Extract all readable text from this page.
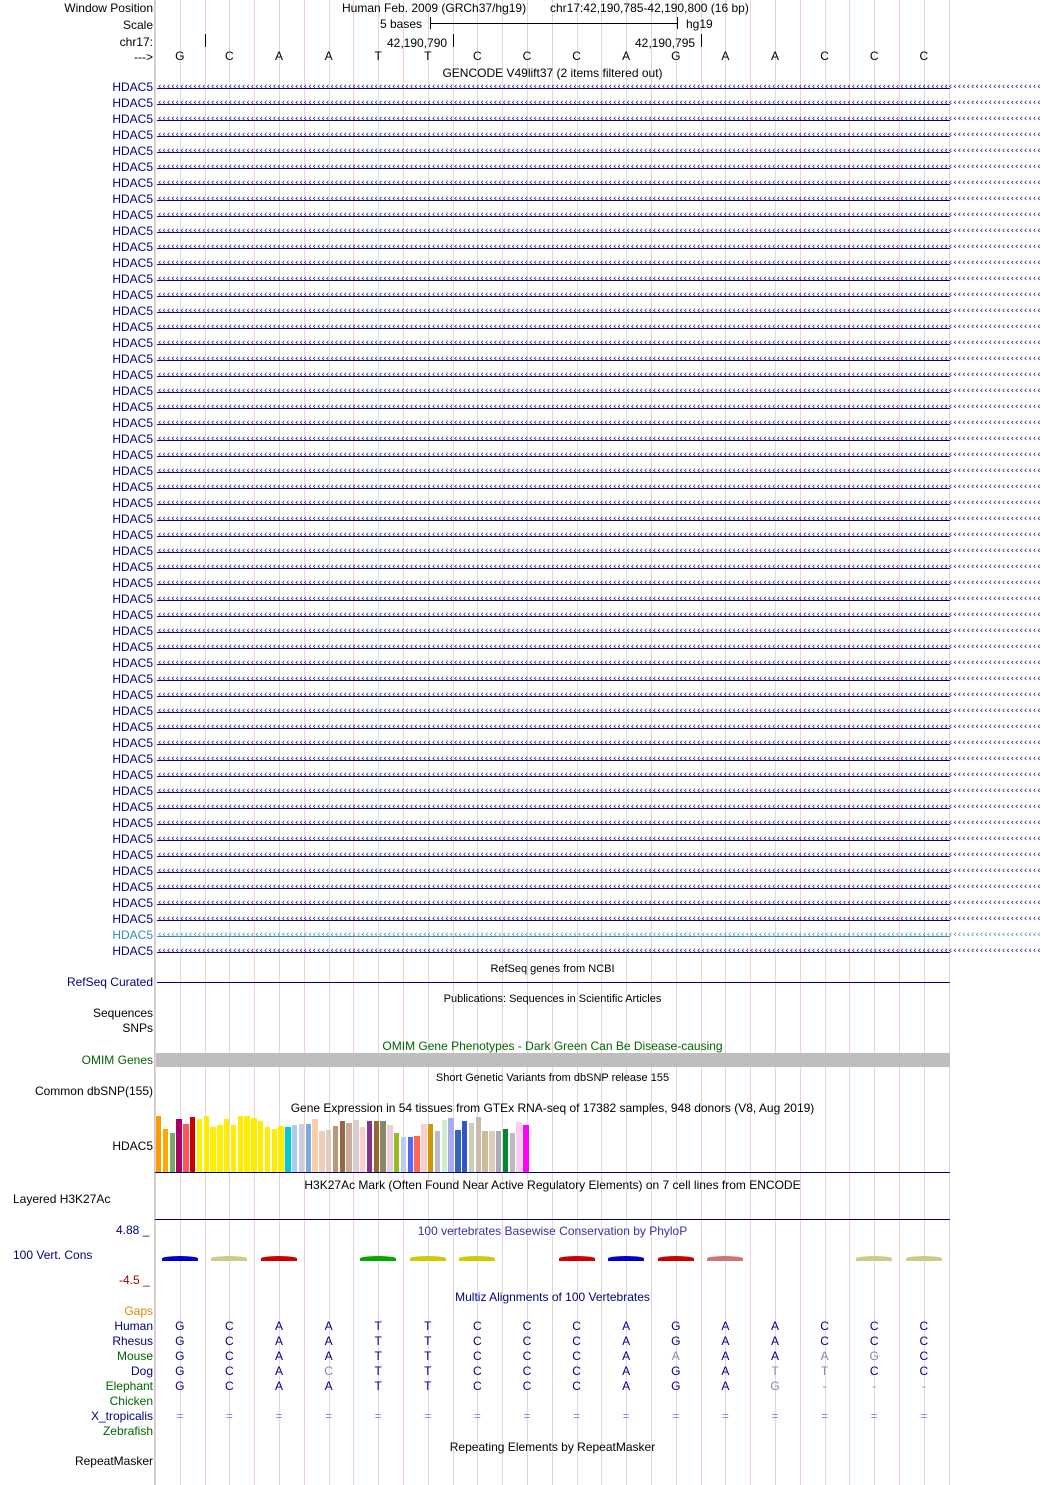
Window Position	Human Feb. 2009 (GRCh37/hg19) chr17:42,190,785-42,190,800 (16 bp)
Scale	5 bases	hg19
chr17:	42,190,790	42,190,795
---> G	C	A	A	T	T	C	C	C	A	G	A	A	C	C	C
GENCODE V49lift37 (2 items filtered out)
HDAC5 ‹‹‹‹‹‹‹‹‹‹‹‹‹‹‹‹‹‹‹‹‹‹‹‹‹‹‹‹‹‹‹‹‹‹‹‹‹‹‹‹‹‹‹‹‹‹‹‹‹‹‹‹‹‹‹‹‹‹‹‹‹‹‹‹‹‹‹‹‹‹‹‹‹‹‹‹‹‹‹‹‹‹‹‹‹‹‹‹‹‹‹‹‹‹‹‹‹‹‹‹‹‹‹‹‹‹‹‹‹‹‹‹‹‹‹‹‹‹‹‹‹‹‹‹‹‹‹‹‹‹‹‹‹‹‹‹‹‹‹‹‹‹‹‹‹‹‹‹‹‹‹‹‹‹‹‹‹‹‹‹‹‹‹‹‹‹‹‹‹‹‹‹‹‹‹‹‹‹‹‹‹‹‹‹‹‹‹‹‹‹‹‹‹‹‹‹‹‹‹‹
HDAC5 ‹‹‹‹‹‹‹‹‹‹‹‹‹‹‹‹‹‹‹‹‹‹‹‹‹‹‹‹‹‹‹‹‹‹‹‹‹‹‹‹‹‹‹‹‹‹‹‹‹‹‹‹‹‹‹‹‹‹‹‹‹‹‹‹‹‹‹‹‹‹‹‹‹‹‹‹‹‹‹‹‹‹‹‹‹‹‹‹‹‹‹‹‹‹‹‹‹‹‹‹‹‹‹‹‹‹‹‹‹‹‹‹‹‹‹‹‹‹‹‹‹‹‹‹‹‹‹‹‹‹‹‹‹‹‹‹‹‹‹‹‹‹‹‹‹‹‹‹‹‹‹‹‹‹‹‹‹‹‹‹‹‹‹‹‹‹‹‹‹‹‹‹‹‹‹‹‹‹‹‹‹‹‹‹‹‹‹‹‹‹‹‹‹‹‹‹‹‹‹‹
HDAC5 ‹‹‹‹‹‹‹‹‹‹‹‹‹‹‹‹‹‹‹‹‹‹‹‹‹‹‹‹‹‹‹‹‹‹‹‹‹‹‹‹‹‹‹‹‹‹‹‹‹‹‹‹‹‹‹‹‹‹‹‹‹‹‹‹‹‹‹‹‹‹‹‹‹‹‹‹‹‹‹‹‹‹‹‹‹‹‹‹‹‹‹‹‹‹‹‹‹‹‹‹‹‹‹‹‹‹‹‹‹‹‹‹‹‹‹‹‹‹‹‹‹‹‹‹‹‹‹‹‹‹‹‹‹‹‹‹‹‹‹‹‹‹‹‹‹‹‹‹‹‹‹‹‹‹‹‹‹‹‹‹‹‹‹‹‹‹‹‹‹‹‹‹‹‹‹‹‹‹‹‹‹‹‹‹‹‹‹‹‹‹‹‹‹‹‹‹‹‹‹‹
HDAC5 ‹‹‹‹‹‹‹‹‹‹‹‹‹‹‹‹‹‹‹‹‹‹‹‹‹‹‹‹‹‹‹‹‹‹‹‹‹‹‹‹‹‹‹‹‹‹‹‹‹‹‹‹‹‹‹‹‹‹‹‹‹‹‹‹‹‹‹‹‹‹‹‹‹‹‹‹‹‹‹‹‹‹‹‹‹‹‹‹‹‹‹‹‹‹‹‹‹‹‹‹‹‹‹‹‹‹‹‹‹‹‹‹‹‹‹‹‹‹‹‹‹‹‹‹‹‹‹‹‹‹‹‹‹‹‹‹‹‹‹‹‹‹‹‹‹‹‹‹‹‹‹‹‹‹‹‹‹‹‹‹‹‹‹‹‹‹‹‹‹‹‹‹‹‹‹‹‹‹‹‹‹‹‹‹‹‹‹‹‹‹‹‹‹‹‹‹‹‹‹‹
HDAC5 ‹‹‹‹‹‹‹‹‹‹‹‹‹‹‹‹‹‹‹‹‹‹‹‹‹‹‹‹‹‹‹‹‹‹‹‹‹‹‹‹‹‹‹‹‹‹‹‹‹‹‹‹‹‹‹‹‹‹‹‹‹‹‹‹‹‹‹‹‹‹‹‹‹‹‹‹‹‹‹‹‹‹‹‹‹‹‹‹‹‹‹‹‹‹‹‹‹‹‹‹‹‹‹‹‹‹‹‹‹‹‹‹‹‹‹‹‹‹‹‹‹‹‹‹‹‹‹‹‹‹‹‹‹‹‹‹‹‹‹‹‹‹‹‹‹‹‹‹‹‹‹‹‹‹‹‹‹‹‹‹‹‹‹‹‹‹‹‹‹‹‹‹‹‹‹‹‹‹‹‹‹‹‹‹‹‹‹‹‹‹‹‹‹‹‹‹‹‹‹‹
HDAC5 ‹‹‹‹‹‹‹‹‹‹‹‹‹‹‹‹‹‹‹‹‹‹‹‹‹‹‹‹‹‹‹‹‹‹‹‹‹‹‹‹‹‹‹‹‹‹‹‹‹‹‹‹‹‹‹‹‹‹‹‹‹‹‹‹‹‹‹‹‹‹‹‹‹‹‹‹‹‹‹‹‹‹‹‹‹‹‹‹‹‹‹‹‹‹‹‹‹‹‹‹‹‹‹‹‹‹‹‹‹‹‹‹‹‹‹‹‹‹‹‹‹‹‹‹‹‹‹‹‹‹‹‹‹‹‹‹‹‹‹‹‹‹‹‹‹‹‹‹‹‹‹‹‹‹‹‹‹‹‹‹‹‹‹‹‹‹‹‹‹‹‹‹‹‹‹‹‹‹‹‹‹‹‹‹‹‹‹‹‹‹‹‹‹‹‹‹‹‹‹‹
HDAC5 ‹‹‹‹‹‹‹‹‹‹‹‹‹‹‹‹‹‹‹‹‹‹‹‹‹‹‹‹‹‹‹‹‹‹‹‹‹‹‹‹‹‹‹‹‹‹‹‹‹‹‹‹‹‹‹‹‹‹‹‹‹‹‹‹‹‹‹‹‹‹‹‹‹‹‹‹‹‹‹‹‹‹‹‹‹‹‹‹‹‹‹‹‹‹‹‹‹‹‹‹‹‹‹‹‹‹‹‹‹‹‹‹‹‹‹‹‹‹‹‹‹‹‹‹‹‹‹‹‹‹‹‹‹‹‹‹‹‹‹‹‹‹‹‹‹‹‹‹‹‹‹‹‹‹‹‹‹‹‹‹‹‹‹‹‹‹‹‹‹‹‹‹‹‹‹‹‹‹‹‹‹‹‹‹‹‹‹‹‹‹‹‹‹‹‹‹‹‹‹‹
HDAC5 ‹‹‹‹‹‹‹‹‹‹‹‹‹‹‹‹‹‹‹‹‹‹‹‹‹‹‹‹‹‹‹‹‹‹‹‹‹‹‹‹‹‹‹‹‹‹‹‹‹‹‹‹‹‹‹‹‹‹‹‹‹‹‹‹‹‹‹‹‹‹‹‹‹‹‹‹‹‹‹‹‹‹‹‹‹‹‹‹‹‹‹‹‹‹‹‹‹‹‹‹‹‹‹‹‹‹‹‹‹‹‹‹‹‹‹‹‹‹‹‹‹‹‹‹‹‹‹‹‹‹‹‹‹‹‹‹‹‹‹‹‹‹‹‹‹‹‹‹‹‹‹‹‹‹‹‹‹‹‹‹‹‹‹‹‹‹‹‹‹‹‹‹‹‹‹‹‹‹‹‹‹‹‹‹‹‹‹‹‹‹‹‹‹‹‹‹‹‹‹‹
HDAC5 ‹‹‹‹‹‹‹‹‹‹‹‹‹‹‹‹‹‹‹‹‹‹‹‹‹‹‹‹‹‹‹‹‹‹‹‹‹‹‹‹‹‹‹‹‹‹‹‹‹‹‹‹‹‹‹‹‹‹‹‹‹‹‹‹‹‹‹‹‹‹‹‹‹‹‹‹‹‹‹‹‹‹‹‹‹‹‹‹‹‹‹‹‹‹‹‹‹‹‹‹‹‹‹‹‹‹‹‹‹‹‹‹‹‹‹‹‹‹‹‹‹‹‹‹‹‹‹‹‹‹‹‹‹‹‹‹‹‹‹‹‹‹‹‹‹‹‹‹‹‹‹‹‹‹‹‹‹‹‹‹‹‹‹‹‹‹‹‹‹‹‹‹‹‹‹‹‹‹‹‹‹‹‹‹‹‹‹‹‹‹‹‹‹‹‹‹‹‹‹‹
HDAC5 ‹‹‹‹‹‹‹‹‹‹‹‹‹‹‹‹‹‹‹‹‹‹‹‹‹‹‹‹‹‹‹‹‹‹‹‹‹‹‹‹‹‹‹‹‹‹‹‹‹‹‹‹‹‹‹‹‹‹‹‹‹‹‹‹‹‹‹‹‹‹‹‹‹‹‹‹‹‹‹‹‹‹‹‹‹‹‹‹‹‹‹‹‹‹‹‹‹‹‹‹‹‹‹‹‹‹‹‹‹‹‹‹‹‹‹‹‹‹‹‹‹‹‹‹‹‹‹‹‹‹‹‹‹‹‹‹‹‹‹‹‹‹‹‹‹‹‹‹‹‹‹‹‹‹‹‹‹‹‹‹‹‹‹‹‹‹‹‹‹‹‹‹‹‹‹‹‹‹‹‹‹‹‹‹‹‹‹‹‹‹‹‹‹‹‹‹‹‹‹‹
HDAC5 ‹‹‹‹‹‹‹‹‹‹‹‹‹‹‹‹‹‹‹‹‹‹‹‹‹‹‹‹‹‹‹‹‹‹‹‹‹‹‹‹‹‹‹‹‹‹‹‹‹‹‹‹‹‹‹‹‹‹‹‹‹‹‹‹‹‹‹‹‹‹‹‹‹‹‹‹‹‹‹‹‹‹‹‹‹‹‹‹‹‹‹‹‹‹‹‹‹‹‹‹‹‹‹‹‹‹‹‹‹‹‹‹‹‹‹‹‹‹‹‹‹‹‹‹‹‹‹‹‹‹‹‹‹‹‹‹‹‹‹‹‹‹‹‹‹‹‹‹‹‹‹‹‹‹‹‹‹‹‹‹‹‹‹‹‹‹‹‹‹‹‹‹‹‹‹‹‹‹‹‹‹‹‹‹‹‹‹‹‹‹‹‹‹‹‹‹‹‹‹‹
HDAC5 ‹‹‹‹‹‹‹‹‹‹‹‹‹‹‹‹‹‹‹‹‹‹‹‹‹‹‹‹‹‹‹‹‹‹‹‹‹‹‹‹‹‹‹‹‹‹‹‹‹‹‹‹‹‹‹‹‹‹‹‹‹‹‹‹‹‹‹‹‹‹‹‹‹‹‹‹‹‹‹‹‹‹‹‹‹‹‹‹‹‹‹‹‹‹‹‹‹‹‹‹‹‹‹‹‹‹‹‹‹‹‹‹‹‹‹‹‹‹‹‹‹‹‹‹‹‹‹‹‹‹‹‹‹‹‹‹‹‹‹‹‹‹‹‹‹‹‹‹‹‹‹‹‹‹‹‹‹‹‹‹‹‹‹‹‹‹‹‹‹‹‹‹‹‹‹‹‹‹‹‹‹‹‹‹‹‹‹‹‹‹‹‹‹‹‹‹‹‹‹‹
HDAC5 ‹‹‹‹‹‹‹‹‹‹‹‹‹‹‹‹‹‹‹‹‹‹‹‹‹‹‹‹‹‹‹‹‹‹‹‹‹‹‹‹‹‹‹‹‹‹‹‹‹‹‹‹‹‹‹‹‹‹‹‹‹‹‹‹‹‹‹‹‹‹‹‹‹‹‹‹‹‹‹‹‹‹‹‹‹‹‹‹‹‹‹‹‹‹‹‹‹‹‹‹‹‹‹‹‹‹‹‹‹‹‹‹‹‹‹‹‹‹‹‹‹‹‹‹‹‹‹‹‹‹‹‹‹‹‹‹‹‹‹‹‹‹‹‹‹‹‹‹‹‹‹‹‹‹‹‹‹‹‹‹‹‹‹‹‹‹‹‹‹‹‹‹‹‹‹‹‹‹‹‹‹‹‹‹‹‹‹‹‹‹‹‹‹‹‹‹‹‹‹‹
HDAC5 ‹‹‹‹‹‹‹‹‹‹‹‹‹‹‹‹‹‹‹‹‹‹‹‹‹‹‹‹‹‹‹‹‹‹‹‹‹‹‹‹‹‹‹‹‹‹‹‹‹‹‹‹‹‹‹‹‹‹‹‹‹‹‹‹‹‹‹‹‹‹‹‹‹‹‹‹‹‹‹‹‹‹‹‹‹‹‹‹‹‹‹‹‹‹‹‹‹‹‹‹‹‹‹‹‹‹‹‹‹‹‹‹‹‹‹‹‹‹‹‹‹‹‹‹‹‹‹‹‹‹‹‹‹‹‹‹‹‹‹‹‹‹‹‹‹‹‹‹‹‹‹‹‹‹‹‹‹‹‹‹‹‹‹‹‹‹‹‹‹‹‹‹‹‹‹‹‹‹‹‹‹‹‹‹‹‹‹‹‹‹‹‹‹‹‹‹‹‹‹‹
HDAC5 ‹‹‹‹‹‹‹‹‹‹‹‹‹‹‹‹‹‹‹‹‹‹‹‹‹‹‹‹‹‹‹‹‹‹‹‹‹‹‹‹‹‹‹‹‹‹‹‹‹‹‹‹‹‹‹‹‹‹‹‹‹‹‹‹‹‹‹‹‹‹‹‹‹‹‹‹‹‹‹‹‹‹‹‹‹‹‹‹‹‹‹‹‹‹‹‹‹‹‹‹‹‹‹‹‹‹‹‹‹‹‹‹‹‹‹‹‹‹‹‹‹‹‹‹‹‹‹‹‹‹‹‹‹‹‹‹‹‹‹‹‹‹‹‹‹‹‹‹‹‹‹‹‹‹‹‹‹‹‹‹‹‹‹‹‹‹‹‹‹‹‹‹‹‹‹‹‹‹‹‹‹‹‹‹‹‹‹‹‹‹‹‹‹‹‹‹‹‹‹‹
HDAC5 ‹‹‹‹‹‹‹‹‹‹‹‹‹‹‹‹‹‹‹‹‹‹‹‹‹‹‹‹‹‹‹‹‹‹‹‹‹‹‹‹‹‹‹‹‹‹‹‹‹‹‹‹‹‹‹‹‹‹‹‹‹‹‹‹‹‹‹‹‹‹‹‹‹‹‹‹‹‹‹‹‹‹‹‹‹‹‹‹‹‹‹‹‹‹‹‹‹‹‹‹‹‹‹‹‹‹‹‹‹‹‹‹‹‹‹‹‹‹‹‹‹‹‹‹‹‹‹‹‹‹‹‹‹‹‹‹‹‹‹‹‹‹‹‹‹‹‹‹‹‹‹‹‹‹‹‹‹‹‹‹‹‹‹‹‹‹‹‹‹‹‹‹‹‹‹‹‹‹‹‹‹‹‹‹‹‹‹‹‹‹‹‹‹‹‹‹‹‹‹‹
HDAC5 ‹‹‹‹‹‹‹‹‹‹‹‹‹‹‹‹‹‹‹‹‹‹‹‹‹‹‹‹‹‹‹‹‹‹‹‹‹‹‹‹‹‹‹‹‹‹‹‹‹‹‹‹‹‹‹‹‹‹‹‹‹‹‹‹‹‹‹‹‹‹‹‹‹‹‹‹‹‹‹‹‹‹‹‹‹‹‹‹‹‹‹‹‹‹‹‹‹‹‹‹‹‹‹‹‹‹‹‹‹‹‹‹‹‹‹‹‹‹‹‹‹‹‹‹‹‹‹‹‹‹‹‹‹‹‹‹‹‹‹‹‹‹‹‹‹‹‹‹‹‹‹‹‹‹‹‹‹‹‹‹‹‹‹‹‹‹‹‹‹‹‹‹‹‹‹‹‹‹‹‹‹‹‹‹‹‹‹‹‹‹‹‹‹‹‹‹‹‹‹‹
HDAC5 ‹‹‹‹‹‹‹‹‹‹‹‹‹‹‹‹‹‹‹‹‹‹‹‹‹‹‹‹‹‹‹‹‹‹‹‹‹‹‹‹‹‹‹‹‹‹‹‹‹‹‹‹‹‹‹‹‹‹‹‹‹‹‹‹‹‹‹‹‹‹‹‹‹‹‹‹‹‹‹‹‹‹‹‹‹‹‹‹‹‹‹‹‹‹‹‹‹‹‹‹‹‹‹‹‹‹‹‹‹‹‹‹‹‹‹‹‹‹‹‹‹‹‹‹‹‹‹‹‹‹‹‹‹‹‹‹‹‹‹‹‹‹‹‹‹‹‹‹‹‹‹‹‹‹‹‹‹‹‹‹‹‹‹‹‹‹‹‹‹‹‹‹‹‹‹‹‹‹‹‹‹‹‹‹‹‹‹‹‹‹‹‹‹‹‹‹‹‹‹‹
HDAC5 ‹‹‹‹‹‹‹‹‹‹‹‹‹‹‹‹‹‹‹‹‹‹‹‹‹‹‹‹‹‹‹‹‹‹‹‹‹‹‹‹‹‹‹‹‹‹‹‹‹‹‹‹‹‹‹‹‹‹‹‹‹‹‹‹‹‹‹‹‹‹‹‹‹‹‹‹‹‹‹‹‹‹‹‹‹‹‹‹‹‹‹‹‹‹‹‹‹‹‹‹‹‹‹‹‹‹‹‹‹‹‹‹‹‹‹‹‹‹‹‹‹‹‹‹‹‹‹‹‹‹‹‹‹‹‹‹‹‹‹‹‹‹‹‹‹‹‹‹‹‹‹‹‹‹‹‹‹‹‹‹‹‹‹‹‹‹‹‹‹‹‹‹‹‹‹‹‹‹‹‹‹‹‹‹‹‹‹‹‹‹‹‹‹‹‹‹‹‹‹‹
HDAC5 ‹‹‹‹‹‹‹‹‹‹‹‹‹‹‹‹‹‹‹‹‹‹‹‹‹‹‹‹‹‹‹‹‹‹‹‹‹‹‹‹‹‹‹‹‹‹‹‹‹‹‹‹‹‹‹‹‹‹‹‹‹‹‹‹‹‹‹‹‹‹‹‹‹‹‹‹‹‹‹‹‹‹‹‹‹‹‹‹‹‹‹‹‹‹‹‹‹‹‹‹‹‹‹‹‹‹‹‹‹‹‹‹‹‹‹‹‹‹‹‹‹‹‹‹‹‹‹‹‹‹‹‹‹‹‹‹‹‹‹‹‹‹‹‹‹‹‹‹‹‹‹‹‹‹‹‹‹‹‹‹‹‹‹‹‹‹‹‹‹‹‹‹‹‹‹‹‹‹‹‹‹‹‹‹‹‹‹‹‹‹‹‹‹‹‹‹‹‹‹‹
HDAC5 ‹‹‹‹‹‹‹‹‹‹‹‹‹‹‹‹‹‹‹‹‹‹‹‹‹‹‹‹‹‹‹‹‹‹‹‹‹‹‹‹‹‹‹‹‹‹‹‹‹‹‹‹‹‹‹‹‹‹‹‹‹‹‹‹‹‹‹‹‹‹‹‹‹‹‹‹‹‹‹‹‹‹‹‹‹‹‹‹‹‹‹‹‹‹‹‹‹‹‹‹‹‹‹‹‹‹‹‹‹‹‹‹‹‹‹‹‹‹‹‹‹‹‹‹‹‹‹‹‹‹‹‹‹‹‹‹‹‹‹‹‹‹‹‹‹‹‹‹‹‹‹‹‹‹‹‹‹‹‹‹‹‹‹‹‹‹‹‹‹‹‹‹‹‹‹‹‹‹‹‹‹‹‹‹‹‹‹‹‹‹‹‹‹‹‹‹‹‹‹‹
HDAC5 ‹‹‹‹‹‹‹‹‹‹‹‹‹‹‹‹‹‹‹‹‹‹‹‹‹‹‹‹‹‹‹‹‹‹‹‹‹‹‹‹‹‹‹‹‹‹‹‹‹‹‹‹‹‹‹‹‹‹‹‹‹‹‹‹‹‹‹‹‹‹‹‹‹‹‹‹‹‹‹‹‹‹‹‹‹‹‹‹‹‹‹‹‹‹‹‹‹‹‹‹‹‹‹‹‹‹‹‹‹‹‹‹‹‹‹‹‹‹‹‹‹‹‹‹‹‹‹‹‹‹‹‹‹‹‹‹‹‹‹‹‹‹‹‹‹‹‹‹‹‹‹‹‹‹‹‹‹‹‹‹‹‹‹‹‹‹‹‹‹‹‹‹‹‹‹‹‹‹‹‹‹‹‹‹‹‹‹‹‹‹‹‹‹‹‹‹‹‹‹‹
HDAC5 ‹‹‹‹‹‹‹‹‹‹‹‹‹‹‹‹‹‹‹‹‹‹‹‹‹‹‹‹‹‹‹‹‹‹‹‹‹‹‹‹‹‹‹‹‹‹‹‹‹‹‹‹‹‹‹‹‹‹‹‹‹‹‹‹‹‹‹‹‹‹‹‹‹‹‹‹‹‹‹‹‹‹‹‹‹‹‹‹‹‹‹‹‹‹‹‹‹‹‹‹‹‹‹‹‹‹‹‹‹‹‹‹‹‹‹‹‹‹‹‹‹‹‹‹‹‹‹‹‹‹‹‹‹‹‹‹‹‹‹‹‹‹‹‹‹‹‹‹‹‹‹‹‹‹‹‹‹‹‹‹‹‹‹‹‹‹‹‹‹‹‹‹‹‹‹‹‹‹‹‹‹‹‹‹‹‹‹‹‹‹‹‹‹‹‹‹‹‹‹‹
HDAC5 ‹‹‹‹‹‹‹‹‹‹‹‹‹‹‹‹‹‹‹‹‹‹‹‹‹‹‹‹‹‹‹‹‹‹‹‹‹‹‹‹‹‹‹‹‹‹‹‹‹‹‹‹‹‹‹‹‹‹‹‹‹‹‹‹‹‹‹‹‹‹‹‹‹‹‹‹‹‹‹‹‹‹‹‹‹‹‹‹‹‹‹‹‹‹‹‹‹‹‹‹‹‹‹‹‹‹‹‹‹‹‹‹‹‹‹‹‹‹‹‹‹‹‹‹‹‹‹‹‹‹‹‹‹‹‹‹‹‹‹‹‹‹‹‹‹‹‹‹‹‹‹‹‹‹‹‹‹‹‹‹‹‹‹‹‹‹‹‹‹‹‹‹‹‹‹‹‹‹‹‹‹‹‹‹‹‹‹‹‹‹‹‹‹‹‹‹‹‹‹‹
HDAC5 ‹‹‹‹‹‹‹‹‹‹‹‹‹‹‹‹‹‹‹‹‹‹‹‹‹‹‹‹‹‹‹‹‹‹‹‹‹‹‹‹‹‹‹‹‹‹‹‹‹‹‹‹‹‹‹‹‹‹‹‹‹‹‹‹‹‹‹‹‹‹‹‹‹‹‹‹‹‹‹‹‹‹‹‹‹‹‹‹‹‹‹‹‹‹‹‹‹‹‹‹‹‹‹‹‹‹‹‹‹‹‹‹‹‹‹‹‹‹‹‹‹‹‹‹‹‹‹‹‹‹‹‹‹‹‹‹‹‹‹‹‹‹‹‹‹‹‹‹‹‹‹‹‹‹‹‹‹‹‹‹‹‹‹‹‹‹‹‹‹‹‹‹‹‹‹‹‹‹‹‹‹‹‹‹‹‹‹‹‹‹‹‹‹‹‹‹‹‹‹‹
HDAC5 ‹‹‹‹‹‹‹‹‹‹‹‹‹‹‹‹‹‹‹‹‹‹‹‹‹‹‹‹‹‹‹‹‹‹‹‹‹‹‹‹‹‹‹‹‹‹‹‹‹‹‹‹‹‹‹‹‹‹‹‹‹‹‹‹‹‹‹‹‹‹‹‹‹‹‹‹‹‹‹‹‹‹‹‹‹‹‹‹‹‹‹‹‹‹‹‹‹‹‹‹‹‹‹‹‹‹‹‹‹‹‹‹‹‹‹‹‹‹‹‹‹‹‹‹‹‹‹‹‹‹‹‹‹‹‹‹‹‹‹‹‹‹‹‹‹‹‹‹‹‹‹‹‹‹‹‹‹‹‹‹‹‹‹‹‹‹‹‹‹‹‹‹‹‹‹‹‹‹‹‹‹‹‹‹‹‹‹‹‹‹‹‹‹‹‹‹‹‹‹‹
HDAC5 ‹‹‹‹‹‹‹‹‹‹‹‹‹‹‹‹‹‹‹‹‹‹‹‹‹‹‹‹‹‹‹‹‹‹‹‹‹‹‹‹‹‹‹‹‹‹‹‹‹‹‹‹‹‹‹‹‹‹‹‹‹‹‹‹‹‹‹‹‹‹‹‹‹‹‹‹‹‹‹‹‹‹‹‹‹‹‹‹‹‹‹‹‹‹‹‹‹‹‹‹‹‹‹‹‹‹‹‹‹‹‹‹‹‹‹‹‹‹‹‹‹‹‹‹‹‹‹‹‹‹‹‹‹‹‹‹‹‹‹‹‹‹‹‹‹‹‹‹‹‹‹‹‹‹‹‹‹‹‹‹‹‹‹‹‹‹‹‹‹‹‹‹‹‹‹‹‹‹‹‹‹‹‹‹‹‹‹‹‹‹‹‹‹‹‹‹‹‹‹‹
HDAC5 ‹‹‹‹‹‹‹‹‹‹‹‹‹‹‹‹‹‹‹‹‹‹‹‹‹‹‹‹‹‹‹‹‹‹‹‹‹‹‹‹‹‹‹‹‹‹‹‹‹‹‹‹‹‹‹‹‹‹‹‹‹‹‹‹‹‹‹‹‹‹‹‹‹‹‹‹‹‹‹‹‹‹‹‹‹‹‹‹‹‹‹‹‹‹‹‹‹‹‹‹‹‹‹‹‹‹‹‹‹‹‹‹‹‹‹‹‹‹‹‹‹‹‹‹‹‹‹‹‹‹‹‹‹‹‹‹‹‹‹‹‹‹‹‹‹‹‹‹‹‹‹‹‹‹‹‹‹‹‹‹‹‹‹‹‹‹‹‹‹‹‹‹‹‹‹‹‹‹‹‹‹‹‹‹‹‹‹‹‹‹‹‹‹‹‹‹‹‹‹‹
HDAC5 ‹‹‹‹‹‹‹‹‹‹‹‹‹‹‹‹‹‹‹‹‹‹‹‹‹‹‹‹‹‹‹‹‹‹‹‹‹‹‹‹‹‹‹‹‹‹‹‹‹‹‹‹‹‹‹‹‹‹‹‹‹‹‹‹‹‹‹‹‹‹‹‹‹‹‹‹‹‹‹‹‹‹‹‹‹‹‹‹‹‹‹‹‹‹‹‹‹‹‹‹‹‹‹‹‹‹‹‹‹‹‹‹‹‹‹‹‹‹‹‹‹‹‹‹‹‹‹‹‹‹‹‹‹‹‹‹‹‹‹‹‹‹‹‹‹‹‹‹‹‹‹‹‹‹‹‹‹‹‹‹‹‹‹‹‹‹‹‹‹‹‹‹‹‹‹‹‹‹‹‹‹‹‹‹‹‹‹‹‹‹‹‹‹‹‹‹‹‹‹‹
HDAC5 ‹‹‹‹‹‹‹‹‹‹‹‹‹‹‹‹‹‹‹‹‹‹‹‹‹‹‹‹‹‹‹‹‹‹‹‹‹‹‹‹‹‹‹‹‹‹‹‹‹‹‹‹‹‹‹‹‹‹‹‹‹‹‹‹‹‹‹‹‹‹‹‹‹‹‹‹‹‹‹‹‹‹‹‹‹‹‹‹‹‹‹‹‹‹‹‹‹‹‹‹‹‹‹‹‹‹‹‹‹‹‹‹‹‹‹‹‹‹‹‹‹‹‹‹‹‹‹‹‹‹‹‹‹‹‹‹‹‹‹‹‹‹‹‹‹‹‹‹‹‹‹‹‹‹‹‹‹‹‹‹‹‹‹‹‹‹‹‹‹‹‹‹‹‹‹‹‹‹‹‹‹‹‹‹‹‹‹‹‹‹‹‹‹‹‹‹‹‹‹‹
HDAC5 ‹‹‹‹‹‹‹‹‹‹‹‹‹‹‹‹‹‹‹‹‹‹‹‹‹‹‹‹‹‹‹‹‹‹‹‹‹‹‹‹‹‹‹‹‹‹‹‹‹‹‹‹‹‹‹‹‹‹‹‹‹‹‹‹‹‹‹‹‹‹‹‹‹‹‹‹‹‹‹‹‹‹‹‹‹‹‹‹‹‹‹‹‹‹‹‹‹‹‹‹‹‹‹‹‹‹‹‹‹‹‹‹‹‹‹‹‹‹‹‹‹‹‹‹‹‹‹‹‹‹‹‹‹‹‹‹‹‹‹‹‹‹‹‹‹‹‹‹‹‹‹‹‹‹‹‹‹‹‹‹‹‹‹‹‹‹‹‹‹‹‹‹‹‹‹‹‹‹‹‹‹‹‹‹‹‹‹‹‹‹‹‹‹‹‹‹‹‹‹‹
HDAC5 ‹‹‹‹‹‹‹‹‹‹‹‹‹‹‹‹‹‹‹‹‹‹‹‹‹‹‹‹‹‹‹‹‹‹‹‹‹‹‹‹‹‹‹‹‹‹‹‹‹‹‹‹‹‹‹‹‹‹‹‹‹‹‹‹‹‹‹‹‹‹‹‹‹‹‹‹‹‹‹‹‹‹‹‹‹‹‹‹‹‹‹‹‹‹‹‹‹‹‹‹‹‹‹‹‹‹‹‹‹‹‹‹‹‹‹‹‹‹‹‹‹‹‹‹‹‹‹‹‹‹‹‹‹‹‹‹‹‹‹‹‹‹‹‹‹‹‹‹‹‹‹‹‹‹‹‹‹‹‹‹‹‹‹‹‹‹‹‹‹‹‹‹‹‹‹‹‹‹‹‹‹‹‹‹‹‹‹‹‹‹‹‹‹‹‹‹‹‹‹‹
HDAC5 ‹‹‹‹‹‹‹‹‹‹‹‹‹‹‹‹‹‹‹‹‹‹‹‹‹‹‹‹‹‹‹‹‹‹‹‹‹‹‹‹‹‹‹‹‹‹‹‹‹‹‹‹‹‹‹‹‹‹‹‹‹‹‹‹‹‹‹‹‹‹‹‹‹‹‹‹‹‹‹‹‹‹‹‹‹‹‹‹‹‹‹‹‹‹‹‹‹‹‹‹‹‹‹‹‹‹‹‹‹‹‹‹‹‹‹‹‹‹‹‹‹‹‹‹‹‹‹‹‹‹‹‹‹‹‹‹‹‹‹‹‹‹‹‹‹‹‹‹‹‹‹‹‹‹‹‹‹‹‹‹‹‹‹‹‹‹‹‹‹‹‹‹‹‹‹‹‹‹‹‹‹‹‹‹‹‹‹‹‹‹‹‹‹‹‹‹‹‹‹‹
HDAC5 ‹‹‹‹‹‹‹‹‹‹‹‹‹‹‹‹‹‹‹‹‹‹‹‹‹‹‹‹‹‹‹‹‹‹‹‹‹‹‹‹‹‹‹‹‹‹‹‹‹‹‹‹‹‹‹‹‹‹‹‹‹‹‹‹‹‹‹‹‹‹‹‹‹‹‹‹‹‹‹‹‹‹‹‹‹‹‹‹‹‹‹‹‹‹‹‹‹‹‹‹‹‹‹‹‹‹‹‹‹‹‹‹‹‹‹‹‹‹‹‹‹‹‹‹‹‹‹‹‹‹‹‹‹‹‹‹‹‹‹‹‹‹‹‹‹‹‹‹‹‹‹‹‹‹‹‹‹‹‹‹‹‹‹‹‹‹‹‹‹‹‹‹‹‹‹‹‹‹‹‹‹‹‹‹‹‹‹‹‹‹‹‹‹‹‹‹‹‹‹‹
HDAC5 ‹‹‹‹‹‹‹‹‹‹‹‹‹‹‹‹‹‹‹‹‹‹‹‹‹‹‹‹‹‹‹‹‹‹‹‹‹‹‹‹‹‹‹‹‹‹‹‹‹‹‹‹‹‹‹‹‹‹‹‹‹‹‹‹‹‹‹‹‹‹‹‹‹‹‹‹‹‹‹‹‹‹‹‹‹‹‹‹‹‹‹‹‹‹‹‹‹‹‹‹‹‹‹‹‹‹‹‹‹‹‹‹‹‹‹‹‹‹‹‹‹‹‹‹‹‹‹‹‹‹‹‹‹‹‹‹‹‹‹‹‹‹‹‹‹‹‹‹‹‹‹‹‹‹‹‹‹‹‹‹‹‹‹‹‹‹‹‹‹‹‹‹‹‹‹‹‹‹‹‹‹‹‹‹‹‹‹‹‹‹‹‹‹‹‹‹‹‹‹‹
HDAC5 ‹‹‹‹‹‹‹‹‹‹‹‹‹‹‹‹‹‹‹‹‹‹‹‹‹‹‹‹‹‹‹‹‹‹‹‹‹‹‹‹‹‹‹‹‹‹‹‹‹‹‹‹‹‹‹‹‹‹‹‹‹‹‹‹‹‹‹‹‹‹‹‹‹‹‹‹‹‹‹‹‹‹‹‹‹‹‹‹‹‹‹‹‹‹‹‹‹‹‹‹‹‹‹‹‹‹‹‹‹‹‹‹‹‹‹‹‹‹‹‹‹‹‹‹‹‹‹‹‹‹‹‹‹‹‹‹‹‹‹‹‹‹‹‹‹‹‹‹‹‹‹‹‹‹‹‹‹‹‹‹‹‹‹‹‹‹‹‹‹‹‹‹‹‹‹‹‹‹‹‹‹‹‹‹‹‹‹‹‹‹‹‹‹‹‹‹‹‹‹‹
HDAC5 ‹‹‹‹‹‹‹‹‹‹‹‹‹‹‹‹‹‹‹‹‹‹‹‹‹‹‹‹‹‹‹‹‹‹‹‹‹‹‹‹‹‹‹‹‹‹‹‹‹‹‹‹‹‹‹‹‹‹‹‹‹‹‹‹‹‹‹‹‹‹‹‹‹‹‹‹‹‹‹‹‹‹‹‹‹‹‹‹‹‹‹‹‹‹‹‹‹‹‹‹‹‹‹‹‹‹‹‹‹‹‹‹‹‹‹‹‹‹‹‹‹‹‹‹‹‹‹‹‹‹‹‹‹‹‹‹‹‹‹‹‹‹‹‹‹‹‹‹‹‹‹‹‹‹‹‹‹‹‹‹‹‹‹‹‹‹‹‹‹‹‹‹‹‹‹‹‹‹‹‹‹‹‹‹‹‹‹‹‹‹‹‹‹‹‹‹‹‹‹‹
HDAC5 ‹‹‹‹‹‹‹‹‹‹‹‹‹‹‹‹‹‹‹‹‹‹‹‹‹‹‹‹‹‹‹‹‹‹‹‹‹‹‹‹‹‹‹‹‹‹‹‹‹‹‹‹‹‹‹‹‹‹‹‹‹‹‹‹‹‹‹‹‹‹‹‹‹‹‹‹‹‹‹‹‹‹‹‹‹‹‹‹‹‹‹‹‹‹‹‹‹‹‹‹‹‹‹‹‹‹‹‹‹‹‹‹‹‹‹‹‹‹‹‹‹‹‹‹‹‹‹‹‹‹‹‹‹‹‹‹‹‹‹‹‹‹‹‹‹‹‹‹‹‹‹‹‹‹‹‹‹‹‹‹‹‹‹‹‹‹‹‹‹‹‹‹‹‹‹‹‹‹‹‹‹‹‹‹‹‹‹‹‹‹‹‹‹‹‹‹‹‹‹‹
HDAC5 ‹‹‹‹‹‹‹‹‹‹‹‹‹‹‹‹‹‹‹‹‹‹‹‹‹‹‹‹‹‹‹‹‹‹‹‹‹‹‹‹‹‹‹‹‹‹‹‹‹‹‹‹‹‹‹‹‹‹‹‹‹‹‹‹‹‹‹‹‹‹‹‹‹‹‹‹‹‹‹‹‹‹‹‹‹‹‹‹‹‹‹‹‹‹‹‹‹‹‹‹‹‹‹‹‹‹‹‹‹‹‹‹‹‹‹‹‹‹‹‹‹‹‹‹‹‹‹‹‹‹‹‹‹‹‹‹‹‹‹‹‹‹‹‹‹‹‹‹‹‹‹‹‹‹‹‹‹‹‹‹‹‹‹‹‹‹‹‹‹‹‹‹‹‹‹‹‹‹‹‹‹‹‹‹‹‹‹‹‹‹‹‹‹‹‹‹‹‹‹‹
HDAC5 ‹‹‹‹‹‹‹‹‹‹‹‹‹‹‹‹‹‹‹‹‹‹‹‹‹‹‹‹‹‹‹‹‹‹‹‹‹‹‹‹‹‹‹‹‹‹‹‹‹‹‹‹‹‹‹‹‹‹‹‹‹‹‹‹‹‹‹‹‹‹‹‹‹‹‹‹‹‹‹‹‹‹‹‹‹‹‹‹‹‹‹‹‹‹‹‹‹‹‹‹‹‹‹‹‹‹‹‹‹‹‹‹‹‹‹‹‹‹‹‹‹‹‹‹‹‹‹‹‹‹‹‹‹‹‹‹‹‹‹‹‹‹‹‹‹‹‹‹‹‹‹‹‹‹‹‹‹‹‹‹‹‹‹‹‹‹‹‹‹‹‹‹‹‹‹‹‹‹‹‹‹‹‹‹‹‹‹‹‹‹‹‹‹‹‹‹‹‹‹‹
HDAC5 ‹‹‹‹‹‹‹‹‹‹‹‹‹‹‹‹‹‹‹‹‹‹‹‹‹‹‹‹‹‹‹‹‹‹‹‹‹‹‹‹‹‹‹‹‹‹‹‹‹‹‹‹‹‹‹‹‹‹‹‹‹‹‹‹‹‹‹‹‹‹‹‹‹‹‹‹‹‹‹‹‹‹‹‹‹‹‹‹‹‹‹‹‹‹‹‹‹‹‹‹‹‹‹‹‹‹‹‹‹‹‹‹‹‹‹‹‹‹‹‹‹‹‹‹‹‹‹‹‹‹‹‹‹‹‹‹‹‹‹‹‹‹‹‹‹‹‹‹‹‹‹‹‹‹‹‹‹‹‹‹‹‹‹‹‹‹‹‹‹‹‹‹‹‹‹‹‹‹‹‹‹‹‹‹‹‹‹‹‹‹‹‹‹‹‹‹‹‹‹‹
HDAC5 ‹‹‹‹‹‹‹‹‹‹‹‹‹‹‹‹‹‹‹‹‹‹‹‹‹‹‹‹‹‹‹‹‹‹‹‹‹‹‹‹‹‹‹‹‹‹‹‹‹‹‹‹‹‹‹‹‹‹‹‹‹‹‹‹‹‹‹‹‹‹‹‹‹‹‹‹‹‹‹‹‹‹‹‹‹‹‹‹‹‹‹‹‹‹‹‹‹‹‹‹‹‹‹‹‹‹‹‹‹‹‹‹‹‹‹‹‹‹‹‹‹‹‹‹‹‹‹‹‹‹‹‹‹‹‹‹‹‹‹‹‹‹‹‹‹‹‹‹‹‹‹‹‹‹‹‹‹‹‹‹‹‹‹‹‹‹‹‹‹‹‹‹‹‹‹‹‹‹‹‹‹‹‹‹‹‹‹‹‹‹‹‹‹‹‹‹‹‹‹‹
HDAC5 ‹‹‹‹‹‹‹‹‹‹‹‹‹‹‹‹‹‹‹‹‹‹‹‹‹‹‹‹‹‹‹‹‹‹‹‹‹‹‹‹‹‹‹‹‹‹‹‹‹‹‹‹‹‹‹‹‹‹‹‹‹‹‹‹‹‹‹‹‹‹‹‹‹‹‹‹‹‹‹‹‹‹‹‹‹‹‹‹‹‹‹‹‹‹‹‹‹‹‹‹‹‹‹‹‹‹‹‹‹‹‹‹‹‹‹‹‹‹‹‹‹‹‹‹‹‹‹‹‹‹‹‹‹‹‹‹‹‹‹‹‹‹‹‹‹‹‹‹‹‹‹‹‹‹‹‹‹‹‹‹‹‹‹‹‹‹‹‹‹‹‹‹‹‹‹‹‹‹‹‹‹‹‹‹‹‹‹‹‹‹‹‹‹‹‹‹‹‹‹‹
HDAC5 ‹‹‹‹‹‹‹‹‹‹‹‹‹‹‹‹‹‹‹‹‹‹‹‹‹‹‹‹‹‹‹‹‹‹‹‹‹‹‹‹‹‹‹‹‹‹‹‹‹‹‹‹‹‹‹‹‹‹‹‹‹‹‹‹‹‹‹‹‹‹‹‹‹‹‹‹‹‹‹‹‹‹‹‹‹‹‹‹‹‹‹‹‹‹‹‹‹‹‹‹‹‹‹‹‹‹‹‹‹‹‹‹‹‹‹‹‹‹‹‹‹‹‹‹‹‹‹‹‹‹‹‹‹‹‹‹‹‹‹‹‹‹‹‹‹‹‹‹‹‹‹‹‹‹‹‹‹‹‹‹‹‹‹‹‹‹‹‹‹‹‹‹‹‹‹‹‹‹‹‹‹‹‹‹‹‹‹‹‹‹‹‹‹‹‹‹‹‹‹‹
HDAC5 ‹‹‹‹‹‹‹‹‹‹‹‹‹‹‹‹‹‹‹‹‹‹‹‹‹‹‹‹‹‹‹‹‹‹‹‹‹‹‹‹‹‹‹‹‹‹‹‹‹‹‹‹‹‹‹‹‹‹‹‹‹‹‹‹‹‹‹‹‹‹‹‹‹‹‹‹‹‹‹‹‹‹‹‹‹‹‹‹‹‹‹‹‹‹‹‹‹‹‹‹‹‹‹‹‹‹‹‹‹‹‹‹‹‹‹‹‹‹‹‹‹‹‹‹‹‹‹‹‹‹‹‹‹‹‹‹‹‹‹‹‹‹‹‹‹‹‹‹‹‹‹‹‹‹‹‹‹‹‹‹‹‹‹‹‹‹‹‹‹‹‹‹‹‹‹‹‹‹‹‹‹‹‹‹‹‹‹‹‹‹‹‹‹‹‹‹‹‹‹‹
HDAC5 ‹‹‹‹‹‹‹‹‹‹‹‹‹‹‹‹‹‹‹‹‹‹‹‹‹‹‹‹‹‹‹‹‹‹‹‹‹‹‹‹‹‹‹‹‹‹‹‹‹‹‹‹‹‹‹‹‹‹‹‹‹‹‹‹‹‹‹‹‹‹‹‹‹‹‹‹‹‹‹‹‹‹‹‹‹‹‹‹‹‹‹‹‹‹‹‹‹‹‹‹‹‹‹‹‹‹‹‹‹‹‹‹‹‹‹‹‹‹‹‹‹‹‹‹‹‹‹‹‹‹‹‹‹‹‹‹‹‹‹‹‹‹‹‹‹‹‹‹‹‹‹‹‹‹‹‹‹‹‹‹‹‹‹‹‹‹‹‹‹‹‹‹‹‹‹‹‹‹‹‹‹‹‹‹‹‹‹‹‹‹‹‹‹‹‹‹‹‹‹‹
HDAC5 ‹‹‹‹‹‹‹‹‹‹‹‹‹‹‹‹‹‹‹‹‹‹‹‹‹‹‹‹‹‹‹‹‹‹‹‹‹‹‹‹‹‹‹‹‹‹‹‹‹‹‹‹‹‹‹‹‹‹‹‹‹‹‹‹‹‹‹‹‹‹‹‹‹‹‹‹‹‹‹‹‹‹‹‹‹‹‹‹‹‹‹‹‹‹‹‹‹‹‹‹‹‹‹‹‹‹‹‹‹‹‹‹‹‹‹‹‹‹‹‹‹‹‹‹‹‹‹‹‹‹‹‹‹‹‹‹‹‹‹‹‹‹‹‹‹‹‹‹‹‹‹‹‹‹‹‹‹‹‹‹‹‹‹‹‹‹‹‹‹‹‹‹‹‹‹‹‹‹‹‹‹‹‹‹‹‹‹‹‹‹‹‹‹‹‹‹‹‹‹‹
HDAC5 ‹‹‹‹‹‹‹‹‹‹‹‹‹‹‹‹‹‹‹‹‹‹‹‹‹‹‹‹‹‹‹‹‹‹‹‹‹‹‹‹‹‹‹‹‹‹‹‹‹‹‹‹‹‹‹‹‹‹‹‹‹‹‹‹‹‹‹‹‹‹‹‹‹‹‹‹‹‹‹‹‹‹‹‹‹‹‹‹‹‹‹‹‹‹‹‹‹‹‹‹‹‹‹‹‹‹‹‹‹‹‹‹‹‹‹‹‹‹‹‹‹‹‹‹‹‹‹‹‹‹‹‹‹‹‹‹‹‹‹‹‹‹‹‹‹‹‹‹‹‹‹‹‹‹‹‹‹‹‹‹‹‹‹‹‹‹‹‹‹‹‹‹‹‹‹‹‹‹‹‹‹‹‹‹‹‹‹‹‹‹‹‹‹‹‹‹‹‹‹‹
HDAC5 ‹‹‹‹‹‹‹‹‹‹‹‹‹‹‹‹‹‹‹‹‹‹‹‹‹‹‹‹‹‹‹‹‹‹‹‹‹‹‹‹‹‹‹‹‹‹‹‹‹‹‹‹‹‹‹‹‹‹‹‹‹‹‹‹‹‹‹‹‹‹‹‹‹‹‹‹‹‹‹‹‹‹‹‹‹‹‹‹‹‹‹‹‹‹‹‹‹‹‹‹‹‹‹‹‹‹‹‹‹‹‹‹‹‹‹‹‹‹‹‹‹‹‹‹‹‹‹‹‹‹‹‹‹‹‹‹‹‹‹‹‹‹‹‹‹‹‹‹‹‹‹‹‹‹‹‹‹‹‹‹‹‹‹‹‹‹‹‹‹‹‹‹‹‹‹‹‹‹‹‹‹‹‹‹‹‹‹‹‹‹‹‹‹‹‹‹‹‹‹‹
HDAC5 ‹‹‹‹‹‹‹‹‹‹‹‹‹‹‹‹‹‹‹‹‹‹‹‹‹‹‹‹‹‹‹‹‹‹‹‹‹‹‹‹‹‹‹‹‹‹‹‹‹‹‹‹‹‹‹‹‹‹‹‹‹‹‹‹‹‹‹‹‹‹‹‹‹‹‹‹‹‹‹‹‹‹‹‹‹‹‹‹‹‹‹‹‹‹‹‹‹‹‹‹‹‹‹‹‹‹‹‹‹‹‹‹‹‹‹‹‹‹‹‹‹‹‹‹‹‹‹‹‹‹‹‹‹‹‹‹‹‹‹‹‹‹‹‹‹‹‹‹‹‹‹‹‹‹‹‹‹‹‹‹‹‹‹‹‹‹‹‹‹‹‹‹‹‹‹‹‹‹‹‹‹‹‹‹‹‹‹‹‹‹‹‹‹‹‹‹‹‹‹‹
HDAC5 ‹‹‹‹‹‹‹‹‹‹‹‹‹‹‹‹‹‹‹‹‹‹‹‹‹‹‹‹‹‹‹‹‹‹‹‹‹‹‹‹‹‹‹‹‹‹‹‹‹‹‹‹‹‹‹‹‹‹‹‹‹‹‹‹‹‹‹‹‹‹‹‹‹‹‹‹‹‹‹‹‹‹‹‹‹‹‹‹‹‹‹‹‹‹‹‹‹‹‹‹‹‹‹‹‹‹‹‹‹‹‹‹‹‹‹‹‹‹‹‹‹‹‹‹‹‹‹‹‹‹‹‹‹‹‹‹‹‹‹‹‹‹‹‹‹‹‹‹‹‹‹‹‹‹‹‹‹‹‹‹‹‹‹‹‹‹‹‹‹‹‹‹‹‹‹‹‹‹‹‹‹‹‹‹‹‹‹‹‹‹‹‹‹‹‹‹‹‹‹‹
HDAC5 ‹‹‹‹‹‹‹‹‹‹‹‹‹‹‹‹‹‹‹‹‹‹‹‹‹‹‹‹‹‹‹‹‹‹‹‹‹‹‹‹‹‹‹‹‹‹‹‹‹‹‹‹‹‹‹‹‹‹‹‹‹‹‹‹‹‹‹‹‹‹‹‹‹‹‹‹‹‹‹‹‹‹‹‹‹‹‹‹‹‹‹‹‹‹‹‹‹‹‹‹‹‹‹‹‹‹‹‹‹‹‹‹‹‹‹‹‹‹‹‹‹‹‹‹‹‹‹‹‹‹‹‹‹‹‹‹‹‹‹‹‹‹‹‹‹‹‹‹‹‹‹‹‹‹‹‹‹‹‹‹‹‹‹‹‹‹‹‹‹‹‹‹‹‹‹‹‹‹‹‹‹‹‹‹‹‹‹‹‹‹‹‹‹‹‹‹‹‹‹‹
HDAC5 ‹‹‹‹‹‹‹‹‹‹‹‹‹‹‹‹‹‹‹‹‹‹‹‹‹‹‹‹‹‹‹‹‹‹‹‹‹‹‹‹‹‹‹‹‹‹‹‹‹‹‹‹‹‹‹‹‹‹‹‹‹‹‹‹‹‹‹‹‹‹‹‹‹‹‹‹‹‹‹‹‹‹‹‹‹‹‹‹‹‹‹‹‹‹‹‹‹‹‹‹‹‹‹‹‹‹‹‹‹‹‹‹‹‹‹‹‹‹‹‹‹‹‹‹‹‹‹‹‹‹‹‹‹‹‹‹‹‹‹‹‹‹‹‹‹‹‹‹‹‹‹‹‹‹‹‹‹‹‹‹‹‹‹‹‹‹‹‹‹‹‹‹‹‹‹‹‹‹‹‹‹‹‹‹‹‹‹‹‹‹‹‹‹‹‹‹‹‹‹‹
HDAC5 ‹‹‹‹‹‹‹‹‹‹‹‹‹‹‹‹‹‹‹‹‹‹‹‹‹‹‹‹‹‹‹‹‹‹‹‹‹‹‹‹‹‹‹‹‹‹‹‹‹‹‹‹‹‹‹‹‹‹‹‹‹‹‹‹‹‹‹‹‹‹‹‹‹‹‹‹‹‹‹‹‹‹‹‹‹‹‹‹‹‹‹‹‹‹‹‹‹‹‹‹‹‹‹‹‹‹‹‹‹‹‹‹‹‹‹‹‹‹‹‹‹‹‹‹‹‹‹‹‹‹‹‹‹‹‹‹‹‹‹‹‹‹‹‹‹‹‹‹‹‹‹‹‹‹‹‹‹‹‹‹‹‹‹‹‹‹‹‹‹‹‹‹‹‹‹‹‹‹‹‹‹‹‹‹‹‹‹‹‹‹‹‹‹‹‹‹‹‹‹‹
HDAC5 ‹‹‹‹‹‹‹‹‹‹‹‹‹‹‹‹‹‹‹‹‹‹‹‹‹‹‹‹‹‹‹‹‹‹‹‹‹‹‹‹‹‹‹‹‹‹‹‹‹‹‹‹‹‹‹‹‹‹‹‹‹‹‹‹‹‹‹‹‹‹‹‹‹‹‹‹‹‹‹‹‹‹‹‹‹‹‹‹‹‹‹‹‹‹‹‹‹‹‹‹‹‹‹‹‹‹‹‹‹‹‹‹‹‹‹‹‹‹‹‹‹‹‹‹‹‹‹‹‹‹‹‹‹‹‹‹‹‹‹‹‹‹‹‹‹‹‹‹‹‹‹‹‹‹‹‹‹‹‹‹‹‹‹‹‹‹‹‹‹‹‹‹‹‹‹‹‹‹‹‹‹‹‹‹‹‹‹‹‹‹‹‹‹‹‹‹‹‹‹‹
RefSeq genes from NCBI
RefSeq Curated
Publications: Sequences in Scientific Articles
Sequences
SNPs
OMIM Gene Phenotypes - Dark Green Can Be Disease-causing
OMIM Genes
Short Genetic Variants from dbSNP release 155
Common dbSNP(155)
Gene Expression in 54 tissues from GTEx RNA-seq of 17382 samples, 948 donors (V8, Aug 2019)
HDAC5
H3K27Ac Mark (Often Found Near Active Regulatory Elements) on 7 cell lines from ENCODE
Layered H3K27Ac
100 vertebrates Basewise Conservation by PhyloP
4.88 _
100 Vert. Cons
-4.5 _
Multiz Alignments of 100 Vertebrates
Gaps
Human G	C	A	A	T	T	C	C	C	A	G	A	A	C	C	C
Rhesus G	C	A	A	T	T	C	C	C	A	G	A	A	C	C	C
Mouse G	C	A	A	T	T	C	C	C	A	A	A	A	A	G	C
Dog G	C	A	C	T	T	C	C	C	A	G	A	T	T	C	C
Elephant G	C	A	A	T	T	C	C	C	A	G	A	G	-	-	-
Chicken
X_tropicalis	=	=	=	=	=	=	=	=	=	=	=	=	=	=	=	=
Zebrafish
Repeating Elements by RepeatMasker
RepeatMasker
